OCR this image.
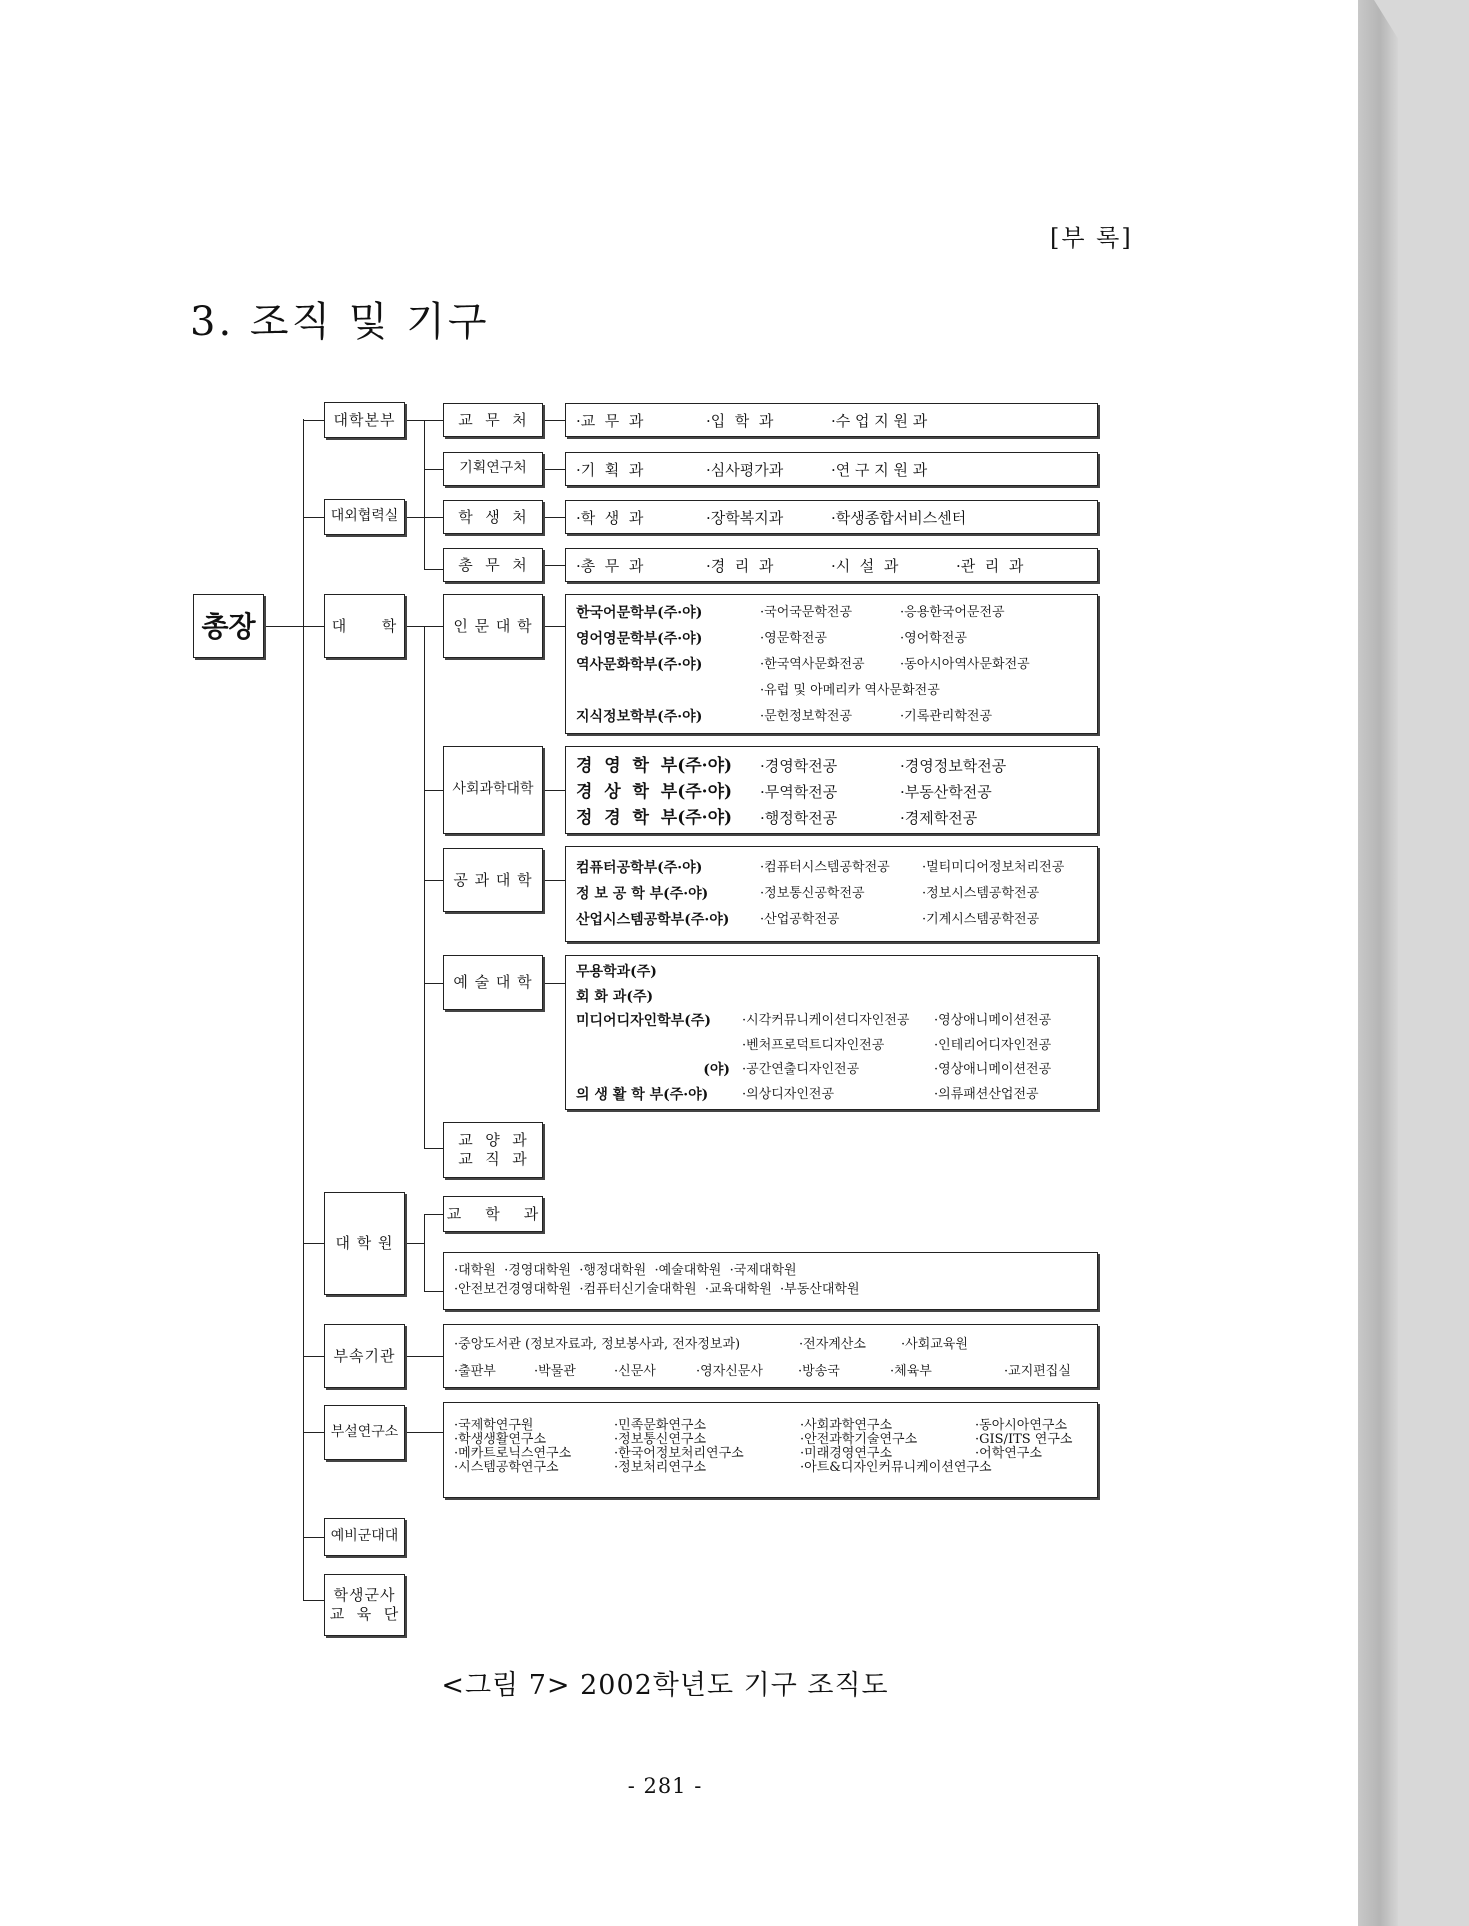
[부 록]
3. 조직 및 기구
총장
대학본부
대외협력실
대      학
대 학 원
부속기관
부설연구소
예비군대대
학생군사
교  육  단
교  무  처
기획연구처
학  생  처
총  무  처
·교  무  과	·입  학  과	·수 업 지 원 과
·기  획  과	·심사평가과	·연 구 지 원 과
·학  생  과	·장학복지과	·학생종합서비스센터
·총  무  과	·경  리  과	·시  설  과	·관  리  과
인 문 대 학
사회과학대학
공 과 대 학
예 술 대 학
교  양  과
교  직  과
한국어문학부(주·야)	·국어국문학전공	·응용한국어문전공
영어영문학부(주·야)	·영문학전공	·영어학전공
역사문화학부(주·야)	·한국역사문화전공	·동아시아역사문화전공
·유럽 및 아메리카 역사문화전공
지식정보학부(주·야)	·문헌정보학전공	·기록관리학전공
경  영  학  부(주·야)	·경영학전공	·경영정보학전공
경  상  학  부(주·야)	·무역학전공	·부동산학전공
정  경  학  부(주·야)	·행정학전공	·경제학전공
컴퓨터공학부(주·야)	·컴퓨터시스템공학전공	·멀티미디어정보처리전공
정 보 공 학 부(주·야)	·정보통신공학전공	·정보시스템공학전공
산업시스템공학부(주·야)	·산업공학전공	·기계시스템공학전공
무용학과(주)
회 화 과(주)
미디어디자인학부(주)	·시각커뮤니케이션디자인전공	·영상애니메이션전공
·벤처프로덕트디자인전공	·인테리어디자인전공
(야) ·공간연출디자인전공	·영상애니메이션전공
의 생 활 학 부(주·야)	·의상디자인전공	·의류패션산업전공
교    학    과
·대학원  ·경영대학원  ·행정대학원  ·예술대학원  ·국제대학원
·안전보건경영대학원  ·컴퓨터신기술대학원  ·교육대학원  ·부동산대학원
·중앙도서관 (정보자료과, 정보봉사과, 전자정보과)	·전자계산소	·사회교육원
·출판부	·박물관	·신문사	·영자신문사	·방송국	·체육부	·교지편집실
·국제학연구원	·민족문화연구소	·사회과학연구소	·동아시아연구소
·학생생활연구소	·정보통신연구소	·안전과학기술연구소	·GIS/ITS 연구소
·메카트로닉스연구소	·한국어정보처리연구소	·미래경영연구소	·어학연구소
·시스템공학연구소	·정보처리연구소	·아트&디자인커뮤니케이션연구소
<그림 7> 2002학년도 기구 조직도
- 281 -
